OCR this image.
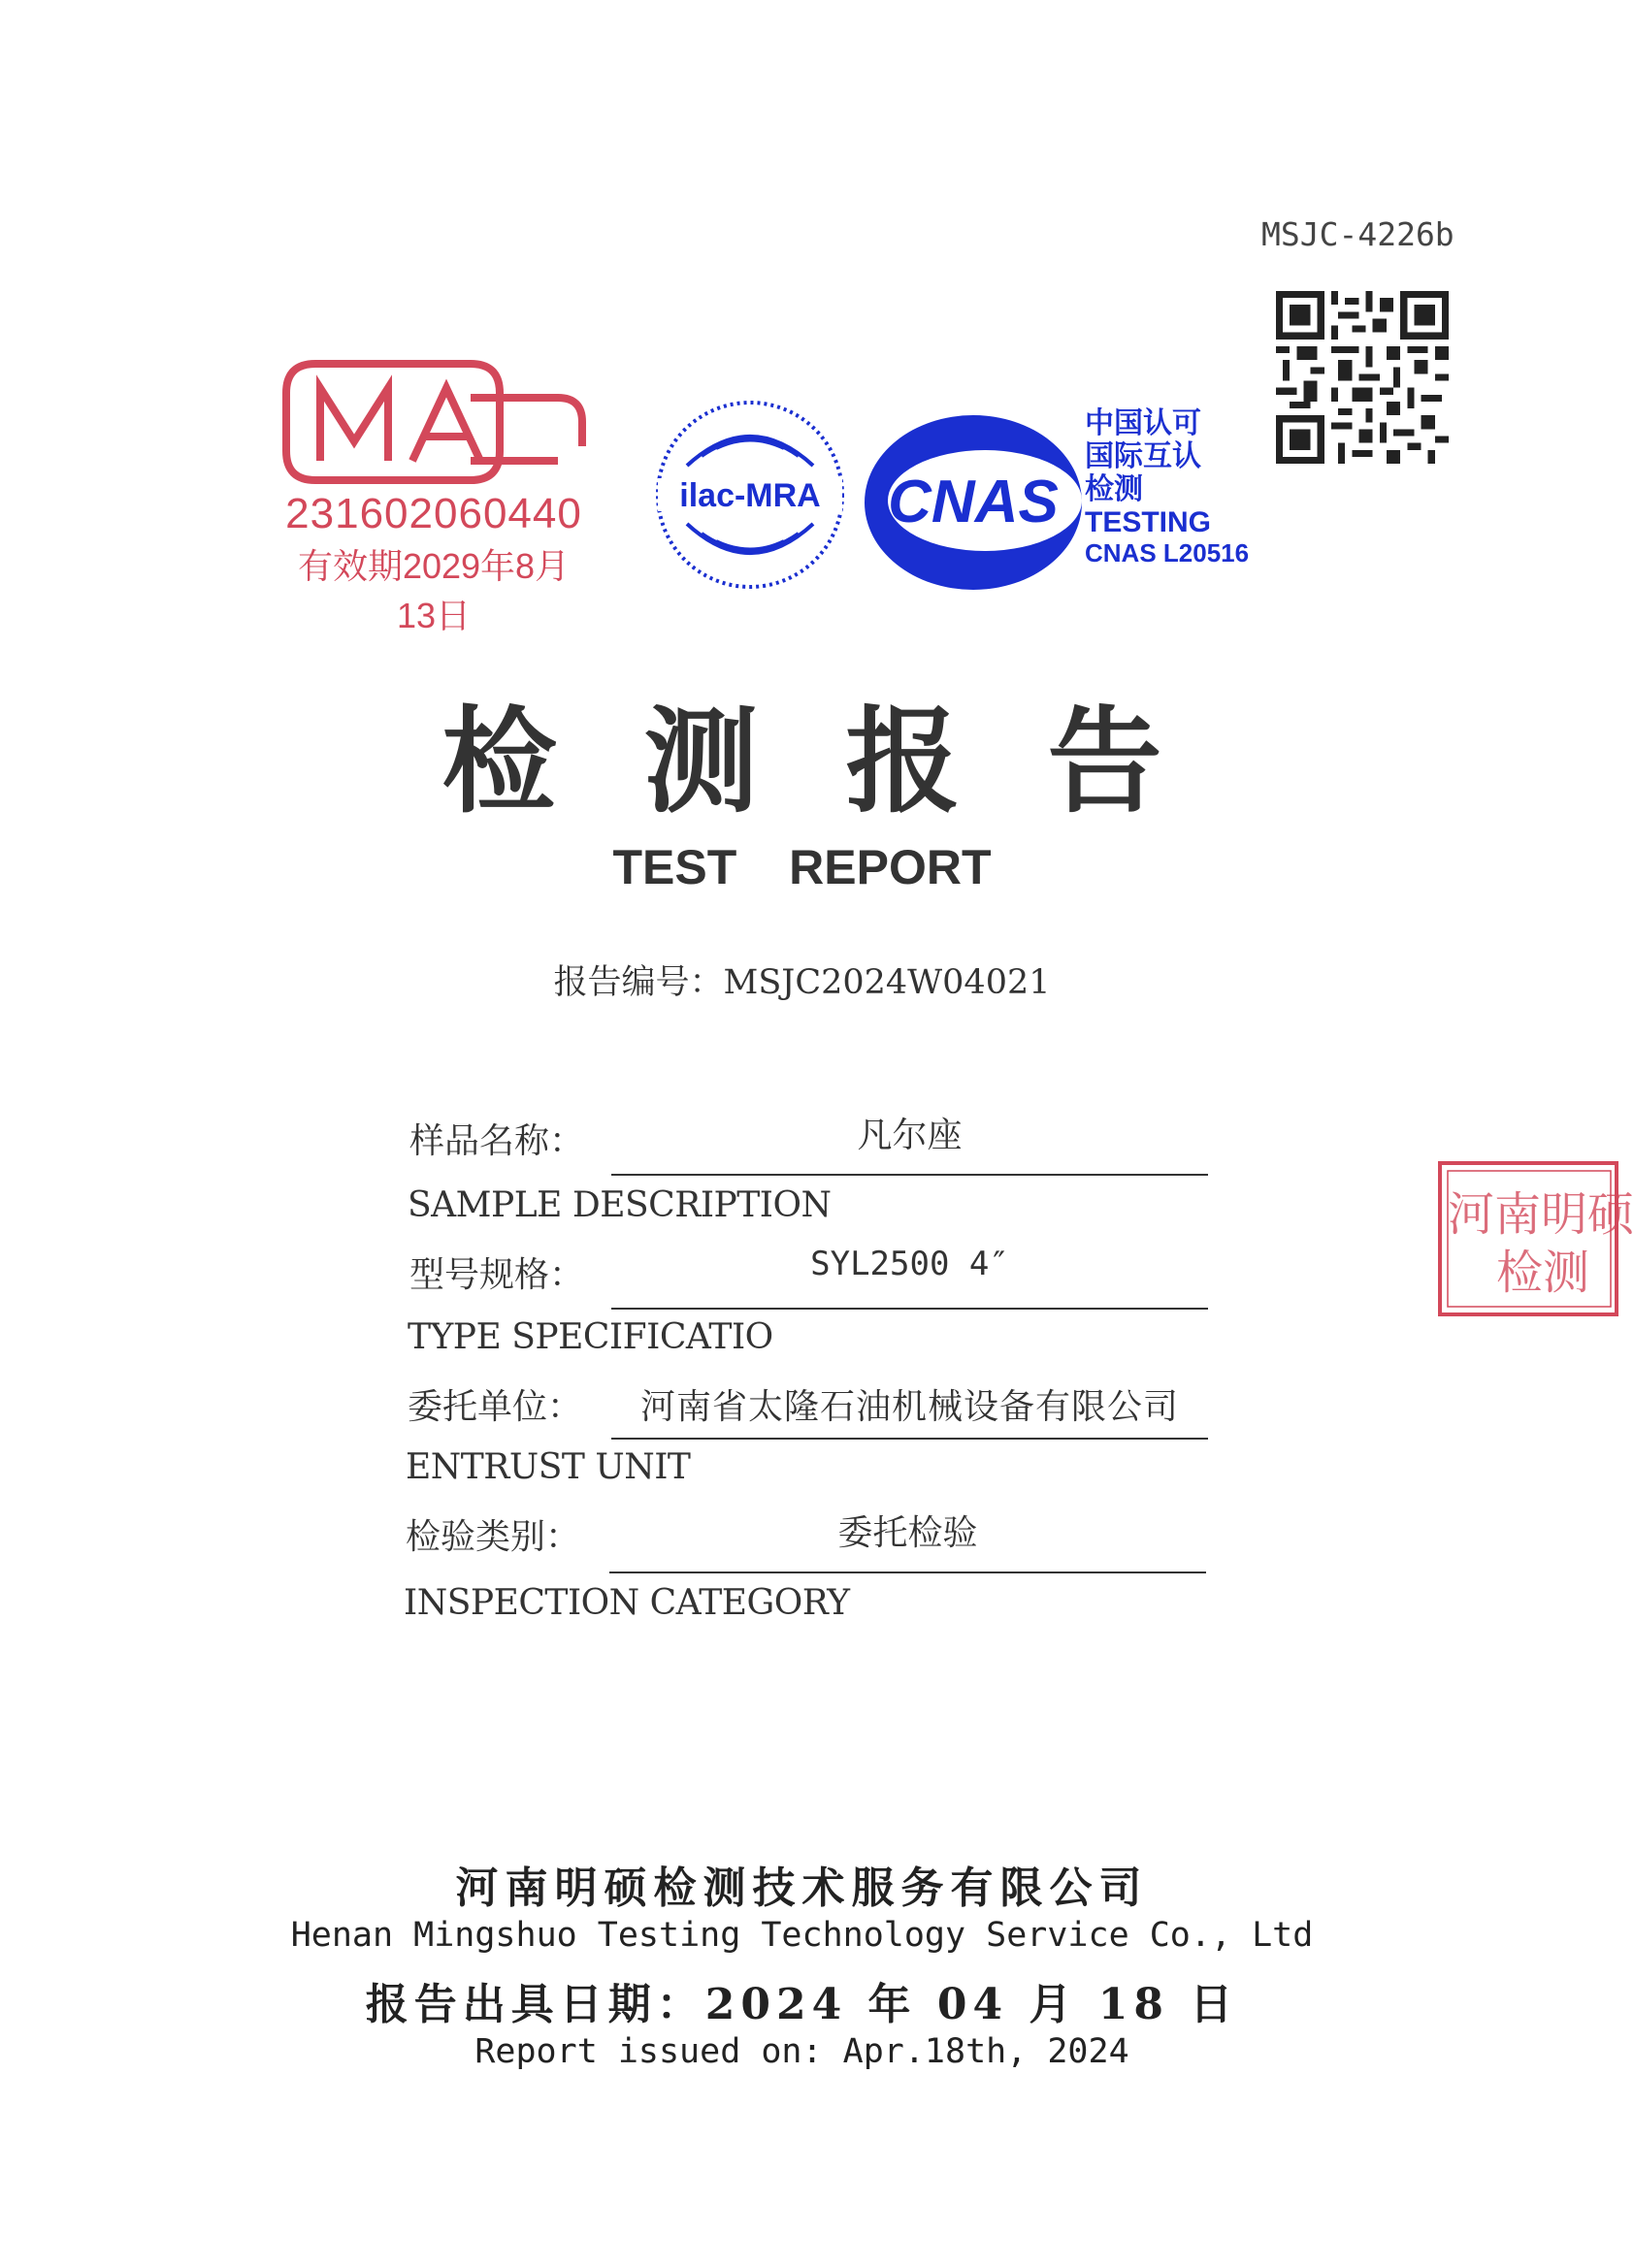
MSJC-4226b
231602060440
有效期2029年8月13日
ilac-MRA CNAS
中国认可
国际互认
检测
TESTING
CNAS L20516
检测报告
TEST REPORT
报告编号：MSJC2024W04021
样品名称：	凡尔座
SAMPLE DESCRIPTION
型号规格：	SYL2500 4″
TYPE SPECIFICATIO
委托单位：	河南省太隆石油机械设备有限公司
ENTRUST UNIT
检验类别：	委托检验
INSPECTION CATEGORY
河南明硕
检测
河南明硕检测技术服务有限公司
Henan Mingshuo Testing Technology Service Co., Ltd
报告出具日期：2024 年 04 月 18 日
Report issued on: Apr.18th, 2024
